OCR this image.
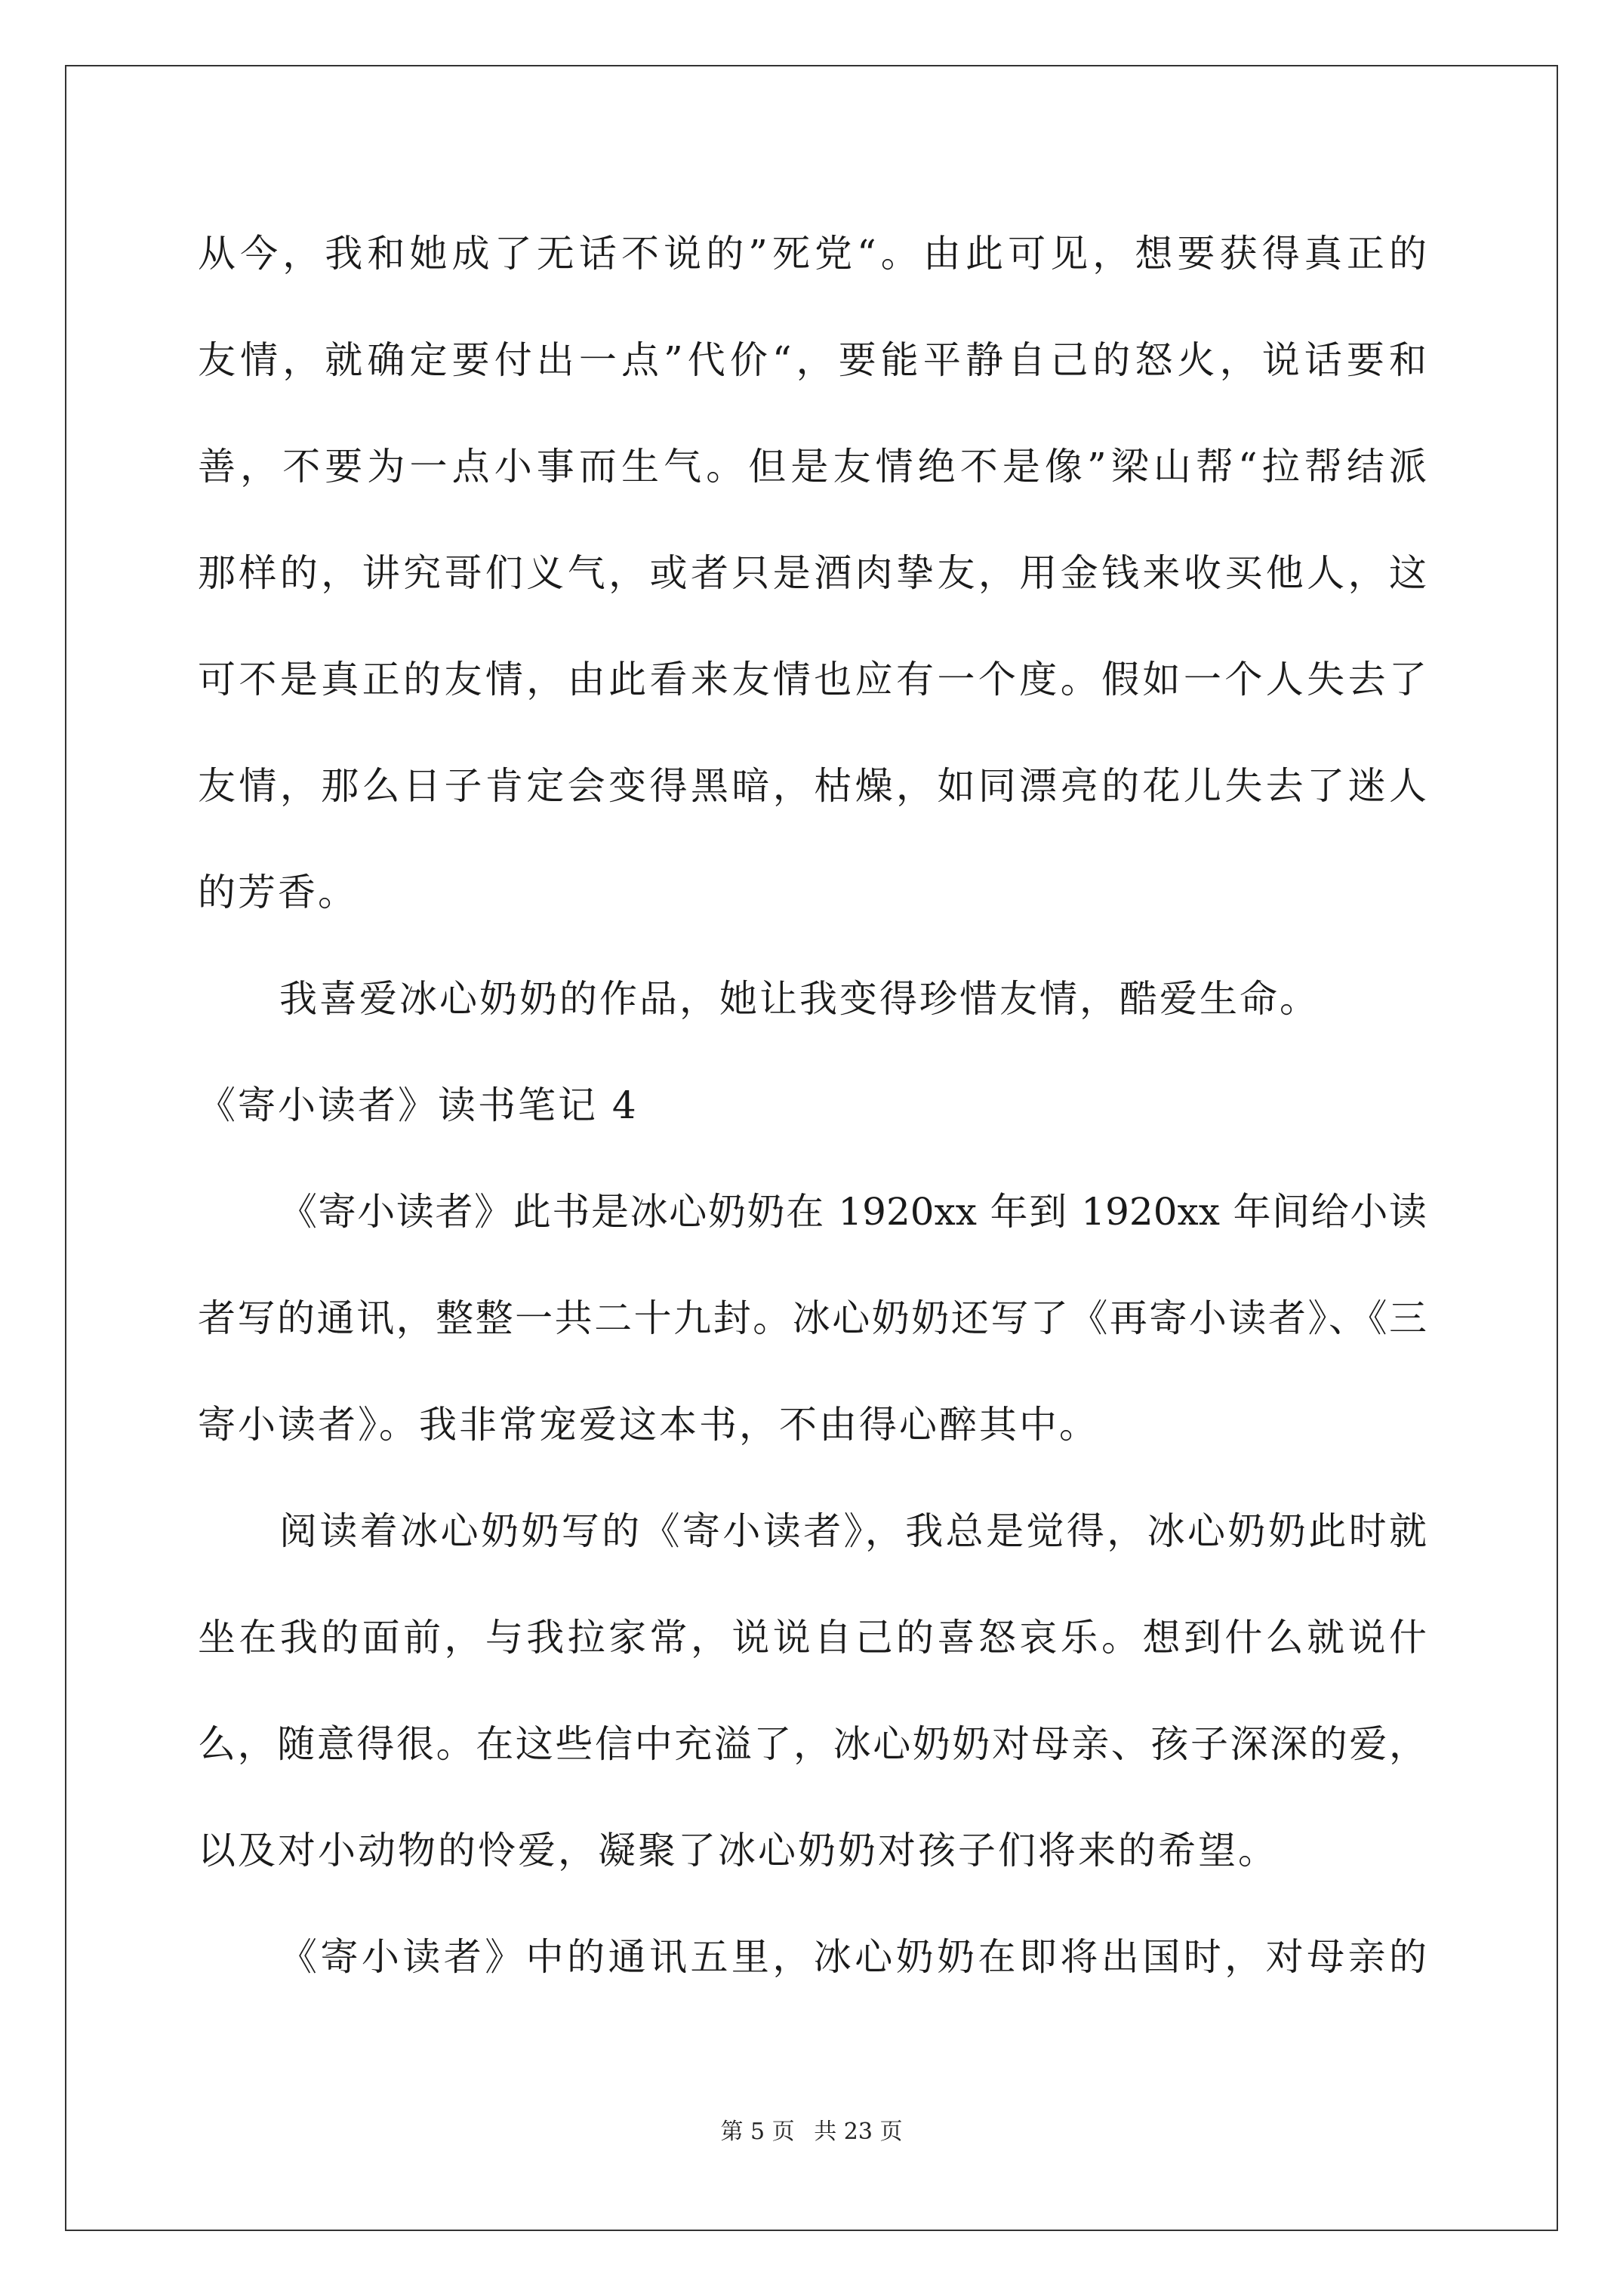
从今，我和她成了无话不说的”死党“。由此可见，想要获得真正的
友情，就确定要付出一点”代价“，要能平静自己的怒火，说话要和
善，不要为一点小事而生气。但是友情绝不是像”梁山帮“拉帮结派
那样的，讲究哥们义气，或者只是酒肉挚友，用金钱来收买他人，这
可不是真正的友情，由此看来友情也应有一个度。假如一个人失去了
友情，那么日子肯定会变得黑暗，枯燥，如同漂亮的花儿失去了迷人
的芳香。
我喜爱冰心奶奶的作品，她让我变得珍惜友情，酷爱生命。
《寄小读者》读书笔记 4
《寄小读者》此书是冰心奶奶在 1920xx 年到 1920xx 年间给小读
者写的通讯，整整一共二十九封。冰心奶奶还写了《再寄小读者》、《三
寄小读者》。我非常宠爱这本书，不由得心醉其中。
阅读着冰心奶奶写的《寄小读者》，我总是觉得，冰心奶奶此时就
坐在我的面前，与我拉家常，说说自己的喜怒哀乐。想到什么就说什
么，随意得很。在这些信中充溢了，冰心奶奶对母亲、孩子深深的爱，
以及对小动物的怜爱，凝聚了冰心奶奶对孩子们将来的希望。
《寄小读者》中的通讯五里，冰心奶奶在即将出国时，对母亲的
第 5 页 共 23 页
